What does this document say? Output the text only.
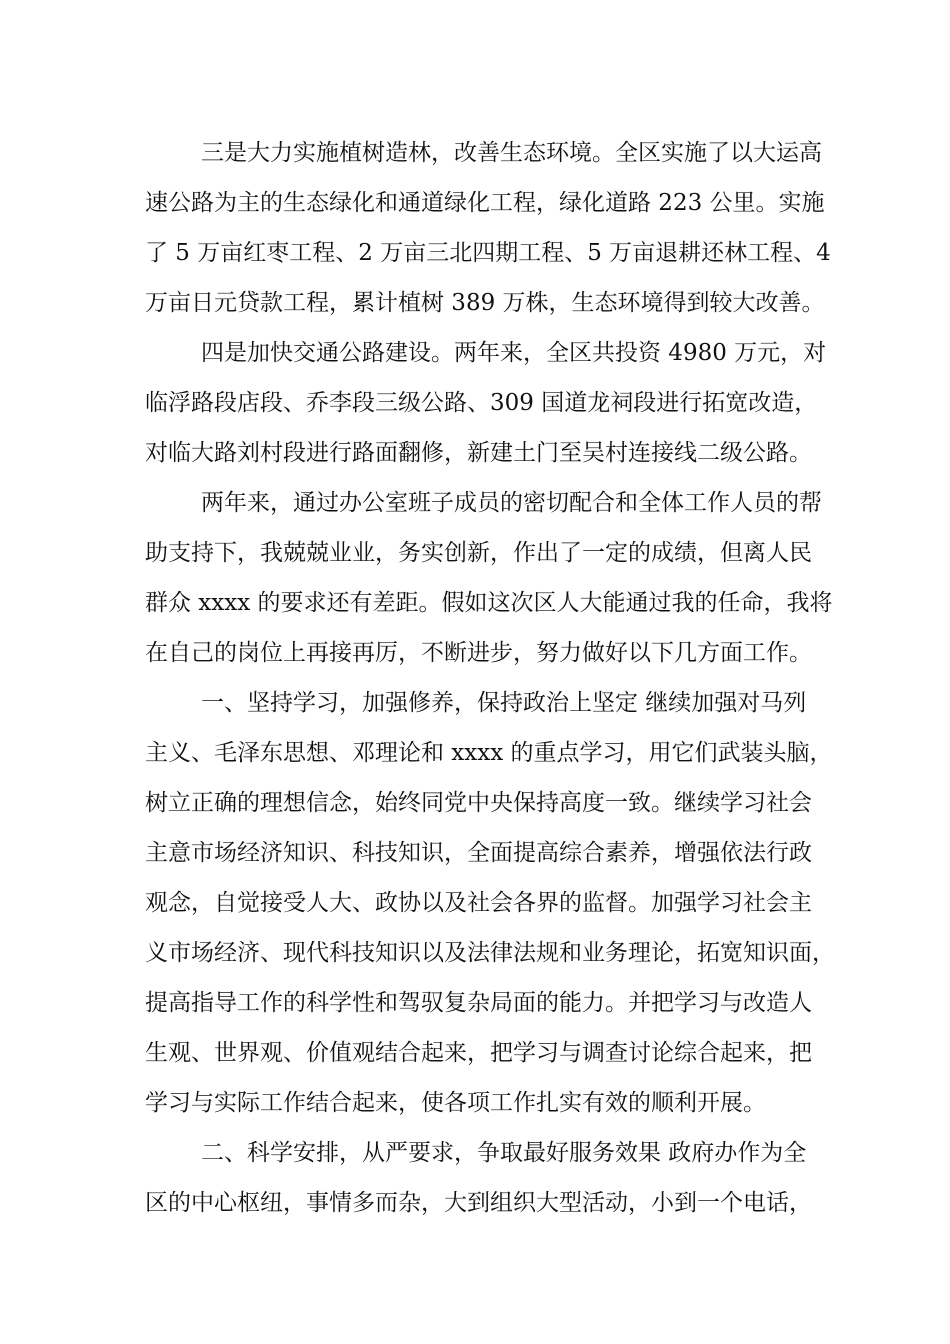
三是大力实施植树造林，改善生态环境。全区实施了以大运高
速公路为主的生态绿化和通道绿化工程，绿化道路 223 公里。实施
了 5 万亩红枣工程、2 万亩三北四期工程、5 万亩退耕还林工程、4
万亩日元贷款工程，累计植树 389 万株，生态环境得到较大改善。
四是加快交通公路建设。两年来，全区共投资 4980 万元，对
临浮路段店段、乔李段三级公路、309 国道龙祠段进行拓宽改造，
对临大路刘村段进行路面翻修，新建土门至吴村连接线二级公路。
两年来，通过办公室班子成员的密切配合和全体工作人员的帮
助支持下，我兢兢业业，务实创新，作出了一定的成绩，但离人民
群众 xxxx 的要求还有差距。假如这次区人大能通过我的任命，我将
在自己的岗位上再接再厉，不断进步，努力做好以下几方面工作。
一、坚持学习，加强修养，保持政治上坚定 继续加强对马列
主义、毛泽东思想、邓理论和 xxxx 的重点学习，用它们武装头脑，
树立正确的理想信念，始终同党中央保持高度一致。继续学习社会
主意市场经济知识、科技知识，全面提高综合素养，增强依法行政
观念，自觉接受人大、政协以及社会各界的监督。加强学习社会主
义市场经济、现代科技知识以及法律法规和业务理论，拓宽知识面，
提高指导工作的科学性和驾驭复杂局面的能力。并把学习与改造人
生观、世界观、价值观结合起来，把学习与调查讨论综合起来，把
学习与实际工作结合起来，使各项工作扎实有效的顺利开展。
二、科学安排，从严要求，争取最好服务效果 政府办作为全
区的中心枢纽，事情多而杂，大到组织大型活动，小到一个电话，
